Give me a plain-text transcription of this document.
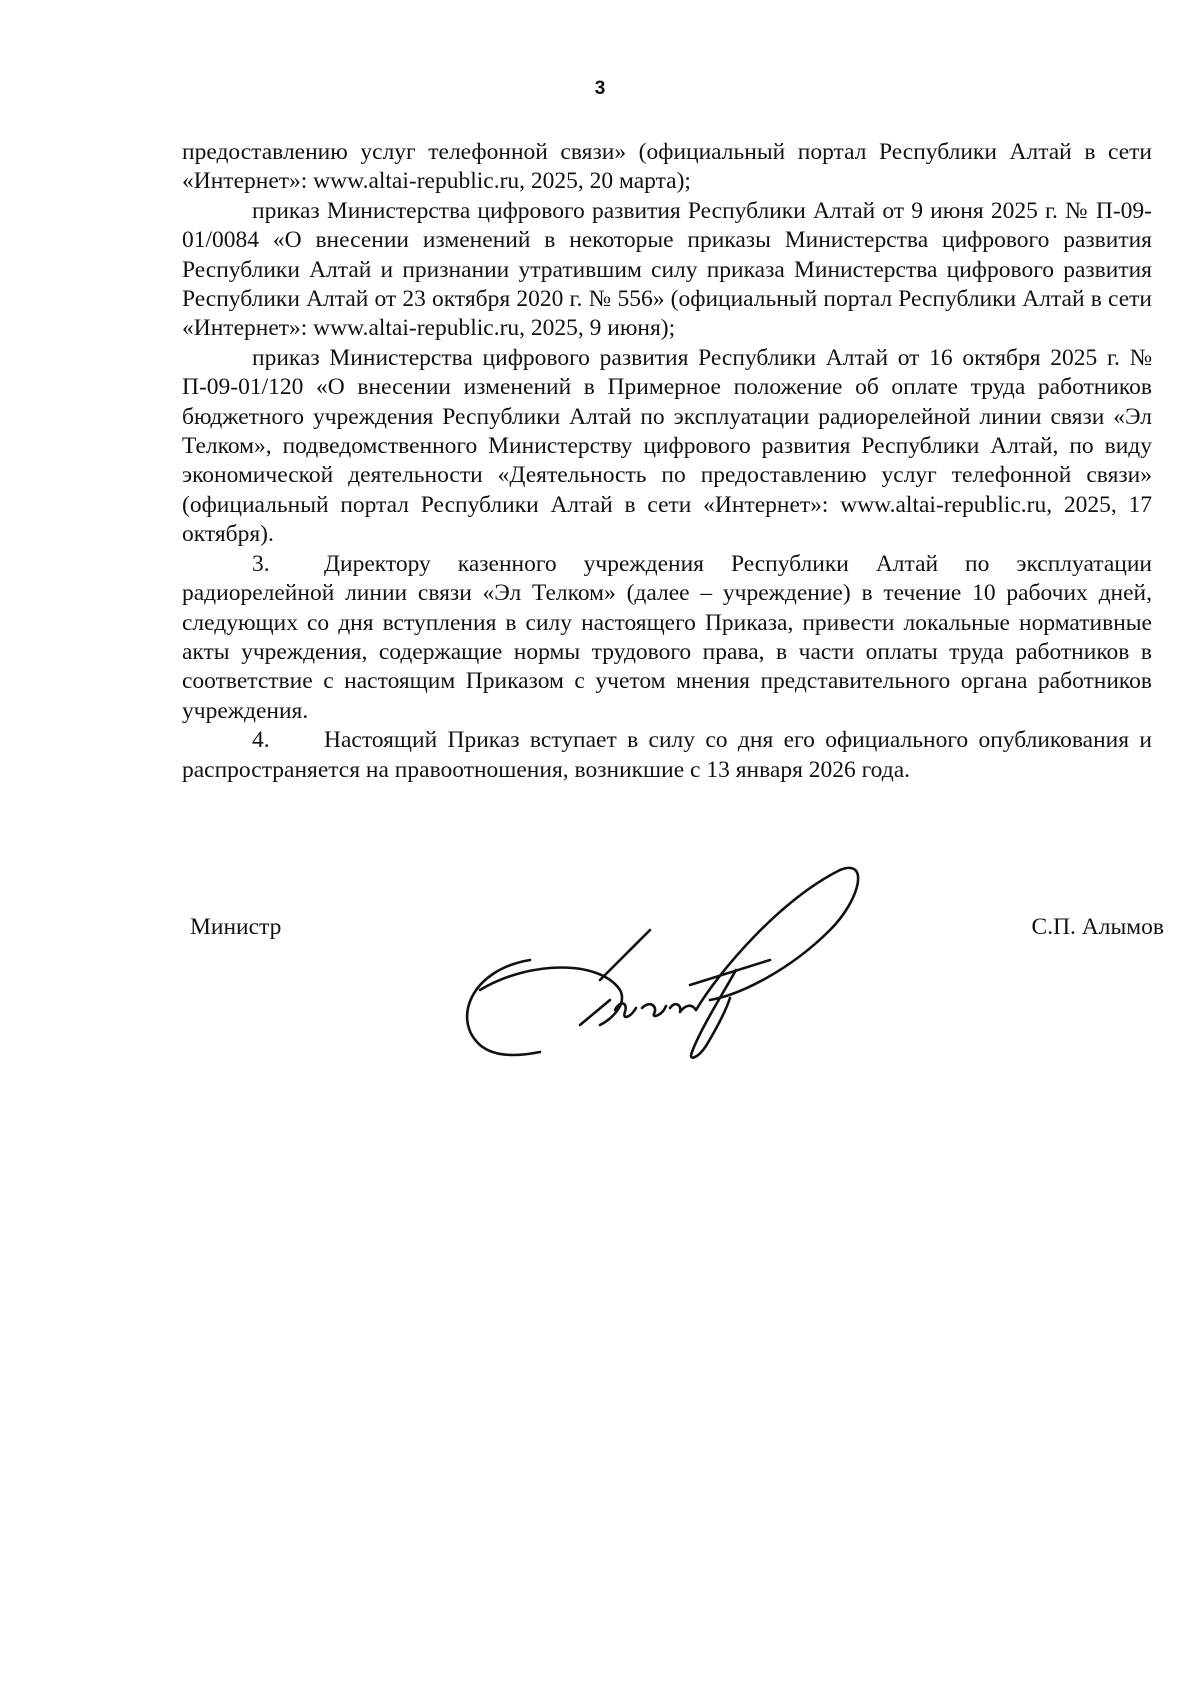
3

предоставлению услуг телефонной связи» (официальный портал Республики Алтай в сети «Интернет»: www.altai-republic.ru, 2025, 20 марта);

приказ Министерства цифрового развития Республики Алтай от 9 июня 2025 г. № П-09-01/0084 «О внесении изменений в некоторые приказы Министерства цифрового развития Республики Алтай и признании утратившим силу приказа Министерства цифрового развития Республики Алтай от 23 октября 2020 г. № 556» (официальный портал Республики Алтай в сети «Интернет»: www.altai-republic.ru, 2025, 9 июня);

приказ Министерства цифрового развития Республики Алтай от 16 октября 2025 г. № П-09-01/120 «О внесении изменений в Примерное положение об оплате труда работников бюджетного учреждения Республики Алтай по эксплуатации радиорелейной линии связи «Эл Телком», подведомственного Министерству цифрового развития Республики Алтай, по виду экономической деятельности «Деятельность по предоставлению услуг телефонной связи» (официальный портал Республики Алтай в сети «Интернет»: www.altai-republic.ru, 2025, 17 октября).

3. Директору казенного учреждения Республики Алтай по эксплуатации радиорелейной линии связи «Эл Телком» (далее – учреждение) в течение 10 рабочих дней, следующих со дня вступления в силу настоящего Приказа, привести локальные нормативные акты учреждения, содержащие нормы трудового права, в части оплаты труда работников в соответствие с настоящим Приказом с учетом мнения представительного органа работников учреждения.

4. Настоящий Приказ вступает в силу со дня его официального опубликования и распространяется на правоотношения, возникшие с 13 января 2026 года.

Министр	С.П. Алымов
